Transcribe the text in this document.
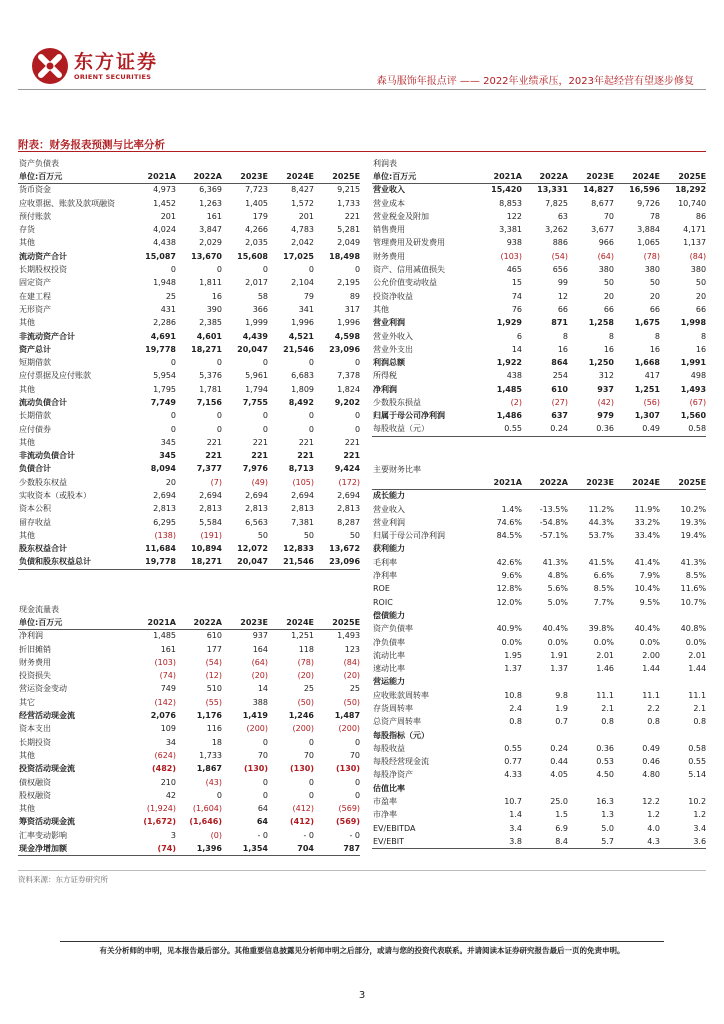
东方证券
ORIENT SECURITIES	森马服饰年报点评 —— 2022年业绩承压，2023年起经营有望逐步修复
附表：财务报表预测与比率分析
资产负债表					
单位:百万元	2021A	2022A	2023E	2024E	2025E
货币资金	4,973	6,369	7,723	8,427	9,215
应收票据、账款及款项融资	1,452	1,263	1,405	1,572	1,733
预付账款	201	161	179	201	221
存货	4,024	3,847	4,266	4,783	5,281
其他	4,438	2,029	2,035	2,042	2,049
流动资产合计	15,087	13,670	15,608	17,025	18,498
长期股权投资	0	0	0	0	0
固定资产	1,948	1,811	2,017	2,104	2,195
在建工程	25	16	58	79	89
无形资产	431	390	366	341	317
其他	2,286	2,385	1,999	1,996	1,996
非流动资产合计	4,691	4,601	4,439	4,521	4,598
资产总计	19,778	18,271	20,047	21,546	23,096
短期借款	0	0	0	0	0
应付票据及应付账款	5,954	5,376	5,961	6,683	7,378
其他	1,795	1,781	1,794	1,809	1,824
流动负债合计	7,749	7,156	7,755	8,492	9,202
长期借款	0	0	0	0	0
应付债券	0	0	0	0	0
其他	345	221	221	221	221
非流动负债合计	345	221	221	221	221
负债合计	8,094	7,377	7,976	8,713	9,424
少数股东权益	20	(7)	(49)	(105)	(172)
实收资本（或股本）	2,694	2,694	2,694	2,694	2,694
资本公积	2,813	2,813	2,813	2,813	2,813
留存收益	6,295	5,584	6,563	7,381	8,287
其他	(138)	(191)	50	50	50
股东权益合计	11,684	10,894	12,072	12,833	13,672
负债和股东权益总计	19,778	18,271	20,047	21,546	23,096
现金流量表					
单位:百万元	2021A	2022A	2023E	2024E	2025E
净利润	1,485	610	937	1,251	1,493
折旧摊销	161	177	164	118	123
财务费用	(103)	(54)	(64)	(78)	(84)
投资损失	(74)	(12)	(20)	(20)	(20)
营运资金变动	749	510	14	25	25
其它	(142)	(55)	388	(50)	(50)
经营活动现金流	2,076	1,176	1,419	1,246	1,487
资本支出	109	116	(200)	(200)	(200)
长期投资	34	18	0	0	0
其他	(624)	1,733	70	70	70
投资活动现金流	(482)	1,867	(130)	(130)	(130)
债权融资	210	(43)	0	0	0
股权融资	42	0	0	0	0
其他	(1,924)	(1,604)	64	(412)	(569)
筹资活动现金流	(1,672)	(1,646)	64	(412)	(569)
汇率变动影响	3	(0)	- 0	- 0	- 0
现金净增加额	(74)	1,396	1,354	704	787
利润表					
单位:百万元	2021A	2022A	2023E	2024E	2025E
营业收入	15,420	13,331	14,827	16,596	18,292
营业成本	8,853	7,825	8,677	9,726	10,740
营业税金及附加	122	63	70	78	86
销售费用	3,381	3,262	3,677	3,884	4,171
管理费用及研发费用	938	886	966	1,065	1,137
财务费用	(103)	(54)	(64)	(78)	(84)
资产、信用减值损失	465	656	380	380	380
公允价值变动收益	15	99	50	50	50
投资净收益	74	12	20	20	20
其他	76	66	66	66	66
营业利润	1,929	871	1,258	1,675	1,998
营业外收入	6	8	8	8	8
营业外支出	14	16	16	16	16
利润总额	1,922	864	1,250	1,668	1,991
所得税	438	254	312	417	498
净利润	1,485	610	937	1,251	1,493
少数股东损益	(2)	(27)	(42)	(56)	(67)
归属于母公司净利润	1,486	637	979	1,307	1,560
每股收益（元）	0.55	0.24	0.36	0.49	0.58
主要财务比率					
	2021A	2022A	2023E	2024E	2025E
成长能力					
营业收入	1.4%	-13.5%	11.2%	11.9%	10.2%
营业利润	74.6%	-54.8%	44.3%	33.2%	19.3%
归属于母公司净利润	84.5%	-57.1%	53.7%	33.4%	19.4%
获利能力					
毛利率	42.6%	41.3%	41.5%	41.4%	41.3%
净利率	9.6%	4.8%	6.6%	7.9%	8.5%
ROE	12.8%	5.6%	8.5%	10.4%	11.6%
ROIC	12.0%	5.0%	7.7%	9.5%	10.7%
偿债能力					
资产负债率	40.9%	40.4%	39.8%	40.4%	40.8%
净负债率	0.0%	0.0%	0.0%	0.0%	0.0%
流动比率	1.95	1.91	2.01	2.00	2.01
速动比率	1.37	1.37	1.46	1.44	1.44
营运能力					
应收账款周转率	10.8	9.8	11.1	11.1	11.1
存货周转率	2.4	1.9	2.1	2.2	2.1
总资产周转率	0.8	0.7	0.8	0.8	0.8
每股指标（元）					
每股收益	0.55	0.24	0.36	0.49	0.58
每股经营现金流	0.77	0.44	0.53	0.46	0.55
每股净资产	4.33	4.05	4.50	4.80	5.14
估值比率					
市盈率	10.7	25.0	16.3	12.2	10.2
市净率	1.4	1.5	1.3	1.2	1.2
EV/EBITDA	3.4	6.9	5.0	4.0	3.4
EV/EBIT	3.8	8.4	5.7	4.3	3.6
资料来源：东方证券研究所
有关分析师的申明，见本报告最后部分。其他重要信息披露见分析师申明之后部分，或请与您的投资代表联系。并请阅读本证券研究报告最后一页的免责申明。
3
